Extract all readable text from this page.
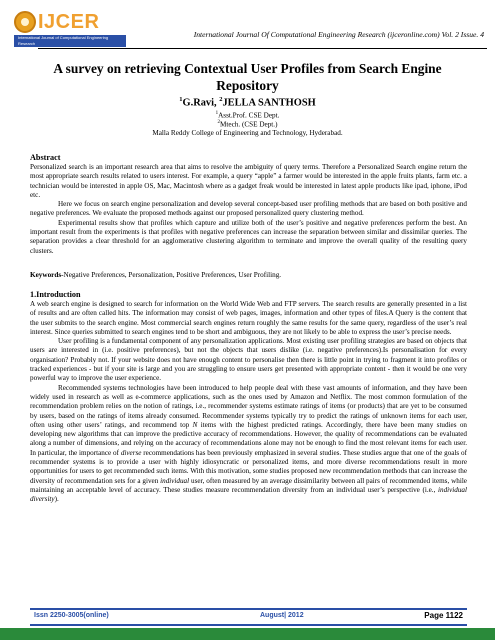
IJCER
International Journal of Computational Engineering Research
International Journal Of Computational Engineering Research (ijceronline.com) Vol. 2 Issue. 4
A survey on retrieving Contextual User Profiles from Search Engine Repository
$^1$G.Ravi, $^2$JELLA SANTHOSH
$^1$Asst.Prof. CSE Dept.
$^2$Mtech. (CSE Dept.)
Malla Reddy College of Engineering and Technology, Hyderabad.
Abstract

Personalized search is an important research area that aims to resolve the ambiguity of query terms. Therefore a Personalized Search engine return the most appropriate search results related to users interest. For example, a query “apple” a farmer would be interested in the apple fruits plants, farm etc. a technician would be interested in apple OS, Mac, Macintosh where as a gadget freak would be interested in latest apple products like ipad, iphone, iPod etc.

Here we focus on search engine personalization and develop several concept-based user profiling methods that are based on both positive and negative preferences. We evaluate the proposed methods against our proposed personalized query clustering method.

Experimental results show that profiles which capture and utilize both of the user’s positive and negative preferences perform the best. An important result from the experiments is that profiles with negative preferences can increase the separation between similar and dissimilar queries. The separation provides a clear threshold for an agglomerative clustering algorithm to terminate and improve the overall quality of the resulting query clusters.

Keywords-Negative Preferences, Personalization, Positive Preferences, User Profiling.
1.Introduction

A web search engine is designed to search for information on the World Wide Web and FTP servers. The search results are generally presented in a list of results and are often called hits. The information may consist of web pages, images, information and other types of files.A Query is the content that the user submits to the search engine. Most commercial search engines return roughly the same results for the same query, regardless of the user’s real interest. Since queries submitted to search engines tend to be short and ambiguous, they are not likely to be able to express the user’s precise needs.

User profiling is a fundamental component of any personalization applications. Most existing user profiling strategies are based on objects that users are interested in (i.e. positive preferences), but not the objects that users dislike (i.e. negative preferences).Is personalisation for every organisation? Probably not. If your website does not have enough content to personalise then there is little point in trying to fragment it into profiles or tracked experiences - but if your site is large and you are struggling to ensure users get presented with appropriate content - then it would be one very powerful way to improve the user experience.

Recommended systems technologies have been introduced to help people deal with these vast amounts of information, and they have been widely used in research as well as e-commerce applications, such as the ones used by Amazon and Netflix. The most common formulation of the recommendation problem relies on the notion of ratings, i.e., recommender systems estimate ratings of items (or products) that are yet to be consumed by users, based on the ratings of items already consumed. Recommender systems typically try to predict the ratings of unknown items for each user, often using other users’ ratings, and recommend top N items with the highest predicted ratings. Accordingly, there have been many studies on developing new algorithms that can improve the predictive accuracy of recommendations. However, the quality of recommendations can be evaluated along a number of dimensions, and relying on the accuracy of recommendations alone may not be enough to find the most relevant items for each user. In particular, the importance of diverse recommendations has been previously emphasized in several studies. These studies argue that one of the goals of recommender systems is to provide a user with highly idiosyncratic or personalized items, and more diverse recommendations result in more opportunities for users to get recommended such items. With this motivation, some studies proposed new recommendation methods that can increase the diversity of recommendation sets for a given individual user, often measured by an average dissimilarity between all pairs of recommended items, while maintaining an acceptable level of accuracy. These studies measure recommendation diversity from an individual user’s perspective (i.e., individual diversity).

Issn 2250-3005(online)	August| 2012	Page 1122
